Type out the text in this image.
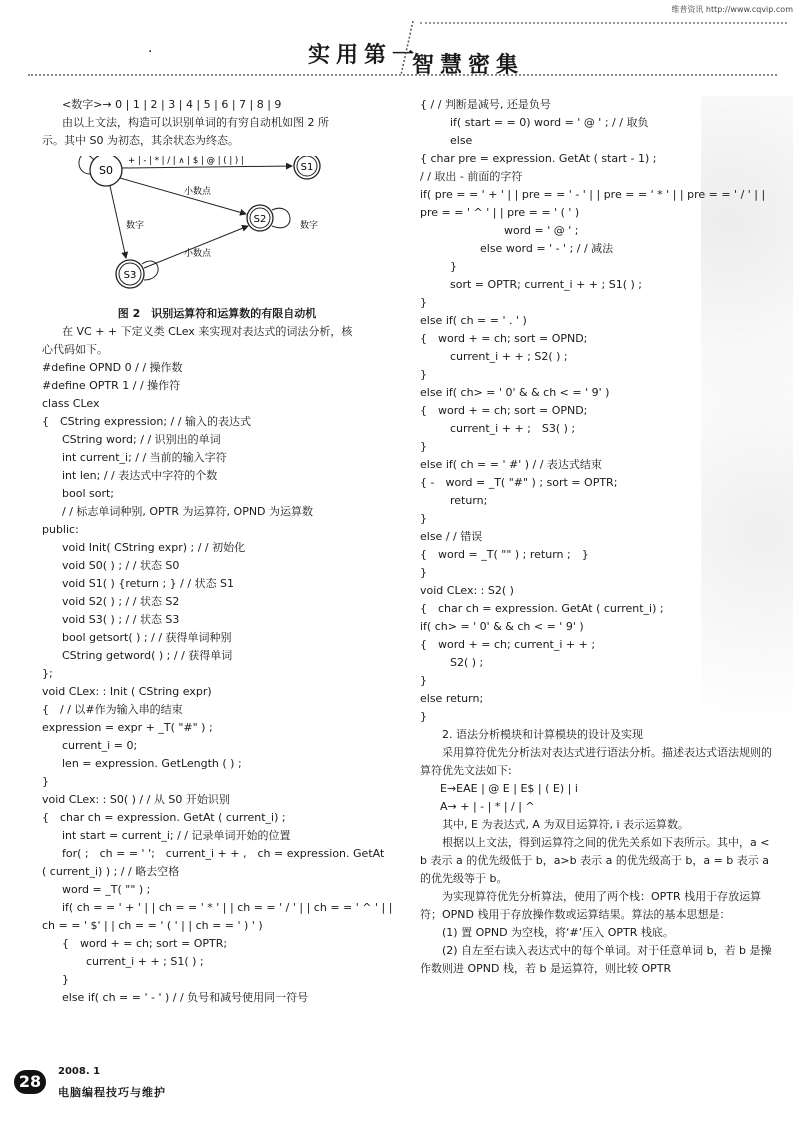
维普资讯 http://www.cqvip.com
·	实用第一
智慧密集
<数字>→ 0 | 1 | 2 | 3 | 4 | 5 | 6 | 7 | 8 | 9
由以上文法，构造可以识别单词的有穷自动机如图 2 所
示。其中 S0 为初态，其余状态为终态。
S0	S1
S2
S3
+ | - | * | / | ∧ | $ | @ | ( | ) |
小数点
数字	数字
小数点
图 2　识别运算符和运算数的有限自动机
在 VC + + 下定义类 CLex 来实现对表达式的词法分析，核
心代码如下。
#define OPND 0 / / 操作数
#define OPTR 1 / / 操作符
class CLex
{　CString expression; / / 输入的表达式
CString word; / / 识别出的单词
int current_i; / / 当前的输入字符
int len; / / 表达式中字符的个数
bool sort;
/ / 标志单词种别, OPTR 为运算符, OPND 为运算数
public:
void Init( CString expr) ; / / 初始化
void S0( ) ; / / 状态 S0
void S1( ) {return ; } / / 状态 S1
void S2( ) ; / / 状态 S2
void S3( ) ; / / 状态 S3
bool getsort( ) ; / / 获得单词种别
CString getword( ) ; / / 获得单词
};
void CLex: : Init ( CString expr)
{　/ / 以#作为输入串的结束
expression = expr + _T( "#" ) ;
current_i = 0;
len = expression. GetLength ( ) ;
}
void CLex: : S0( ) / / 从 S0 开始识别
{　char ch = expression. GetAt ( current_i) ;
int start = current_i; / / 记录单词开始的位置
for( ;　ch = = ' ';　current_i + + ,　ch = expression. GetAt
( current_i) ) ; / / 略去空格
word = _T( "" ) ;
if( ch = = ' + ' | | ch = = ' * ' | | ch = = ' / ' | | ch = = ' ^ ' | |
ch = = ' $' | | ch = = ' ( ' | | ch = = ' ) ' )
{　word + = ch; sort = OPTR;
current_i + + ; S1( ) ;
}
else if( ch = = ' - ' ) / / 负号和减号使用同一符号
{ / / 判断是减号, 还是负号
if( start = = 0) word = ' @ ' ; / / 取负
else
{ char pre = expression. GetAt ( start - 1) ;
/ / 取出 - 前面的字符
if( pre = = ' + ' | | pre = = ' - ' | | pre = = ' * ' | | pre = = ' / ' | |
pre = = ' ^ ' | | pre = = ' ( ' )
word = ' @ ' ;
else word = ' - ' ; / / 减法
}
sort = OPTR; current_i + + ; S1( ) ;
}
else if( ch = = ' . ' )
{　word + = ch; sort = OPND;
current_i + + ; S2( ) ;
}
else if( ch> = ' 0' & & ch < = ' 9' )
{　word + = ch; sort = OPND;
current_i + + ;　S3( ) ;
}
else if( ch = = ' #' ) / / 表达式结束
{ -　word = _T( "#" ) ; sort = OPTR;
return;
}
else / / 错误
{　word = _T( "" ) ; return ;　}
}
void CLex: : S2( )
{　char ch = expression. GetAt ( current_i) ;
if( ch> = ' 0' & & ch < = ' 9' )
{　word + = ch; current_i + + ;
S2( ) ;
}
else return;
}
2. 语法分析模块和计算模块的设计及实现
采用算符优先分析法对表达式进行语法分析。描述表达式语法规则的算符优先文法如下:
E→EAE | @ E | E$ | ( E) | i
A→ + | - | * | / | ^
其中, E 为表达式, A 为双目运算符, i 表示运算数。
根据以上文法，得到运算符之间的优先关系如下表所示。其中，a < b 表示 a 的优先级低于 b，a>b 表示 a 的优先级高于 b，a = b 表示 a 的优先级等于 b。
为实现算符优先分析算法，使用了两个栈：OPTR 栈用于存放运算符；OPND 栈用于存放操作数或运算结果。算法的基本思想是：
(1) 置 OPND 为空栈，将‘#’压入 OPTR 栈底。
(2) 自左至右读入表达式中的每个单词。对于任意单词 b，若 b 是操作数则进 OPND 栈，若 b 是运算符，则比较 OPTR
28
2008. 1
电脑编程技巧与维护
